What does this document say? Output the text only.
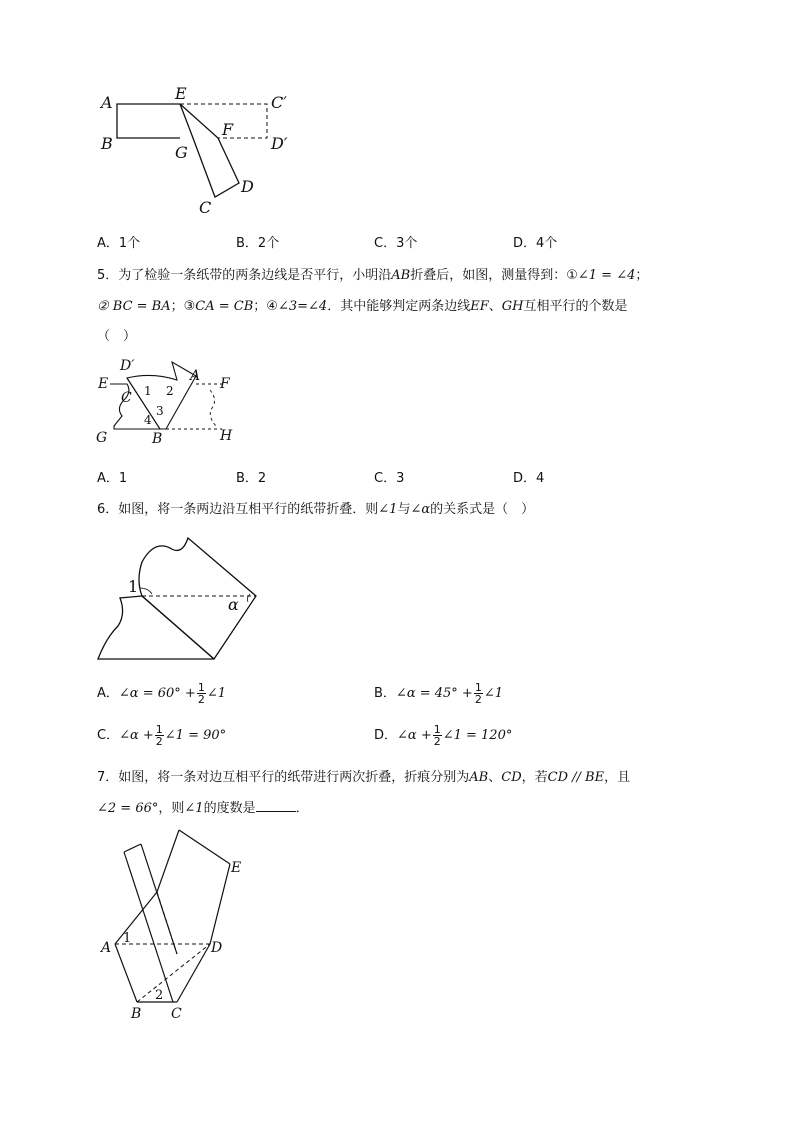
A	E	C′
B	G
F
D′
D
C
A．1个	B．2个	C．3个	D．4个
5．为了检验一条纸带的两条边线是否平行，小明沿AB折叠后，如图，测量得到：①∠1 = ∠4；
② BC = BA；③CA = CB；④∠3=∠4．其中能够判定两条边线EF、GH互相平行的个数是
（　）
D′
A
E	F
C 1 2
3
4
G	B	H
A．1	B．2	C．3	D．4
6．如图，将一条两边沿互相平行的纸带折叠．则∠1与∠α的关系式是（　）
1
α
A．∠α = $60^\circ + \frac{1}{2}$ ∠1	B．∠α = $45^\circ + \frac{1}{2}$ ∠1
C．∠α + $\frac{1}{2}$ ∠1 = 90°	D．∠α + $\frac{1}{2}$ ∠1 = 120°
7．如图，将一条对边互相平行的纸带进行两次折叠，折痕分别为AB、CD，若CD // BE，且
∠2 = 66°，则∠1的度数是	．
E
A
1
D
2
B C
